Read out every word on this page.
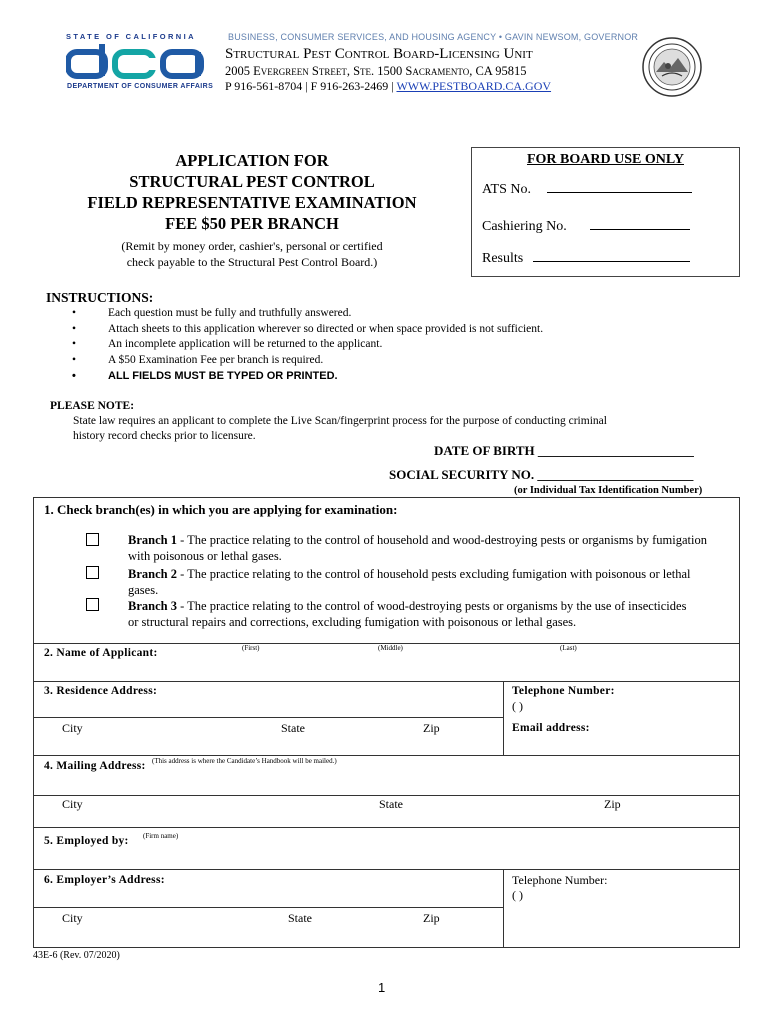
STATE OF CALIFORNIA
DEPARTMENT OF CONSUMER AFFAIRS
BUSINESS, CONSUMER SERVICES, AND HOUSING AGENCY • GAVIN NEWSOM, GOVERNOR
Structural Pest Control Board-Licensing Unit
2005 Evergreen Street, Ste. 1500 Sacramento, CA 95815
P 916-561-8704 | F 916-263-2469 | WWW.PESTBOARD.CA.GOV
APPLICATION FOR
STRUCTURAL PEST CONTROL
FIELD REPRESENTATIVE EXAMINATION
FEE $50 PER BRANCH
(Remit by money order, cashier's, personal or certified
check payable to the Structural Pest Control Board.)
FOR BOARD USE ONLY
ATS No.
Cashiering No.
Results
INSTRUCTIONS:
• Each question must be fully and truthfully answered.
• Attach sheets to this application wherever so directed or when space provided is not sufficient.
• An incomplete application will be returned to the applicant.
• A $50 Examination Fee per branch is required.
• ALL FIELDS MUST BE TYPED OR PRINTED.
PLEASE NOTE:
State law requires an applicant to complete the Live Scan/fingerprint process for the purpose of conducting criminal
history record checks prior to licensure.
DATE OF BIRTH ________________________
SOCIAL SECURITY NO. ________________________
(or Individual Tax Identification Number)
1. Check branch(es) in which you are applying for examination:
Branch 1 - The practice relating to the control of household and wood-destroying pests or organisms by fumigation with poisonous or lethal gases.
Branch 2 - The practice relating to the control of household pests excluding fumigation with poisonous or lethal gases.
Branch 3 - The practice relating to the control of wood-destroying pests or organisms by the use of insecticides or structural repairs and corrections, excluding fumigation with poisonous or lethal gases.
2. Name of Applicant:	(First)	(Middle)	(Last)
3. Residence Address:	Telephone Number:
( )
City	State	Zip	Email address:
4. Mailing Address: (This address is where the Candidate’s Handbook will be mailed.)
City	State	Zip
5. Employed by: (Firm name)
6. Employer’s Address:	Telephone Number:
( )
City	State	Zip
43E-6 (Rev. 07/2020)
1
